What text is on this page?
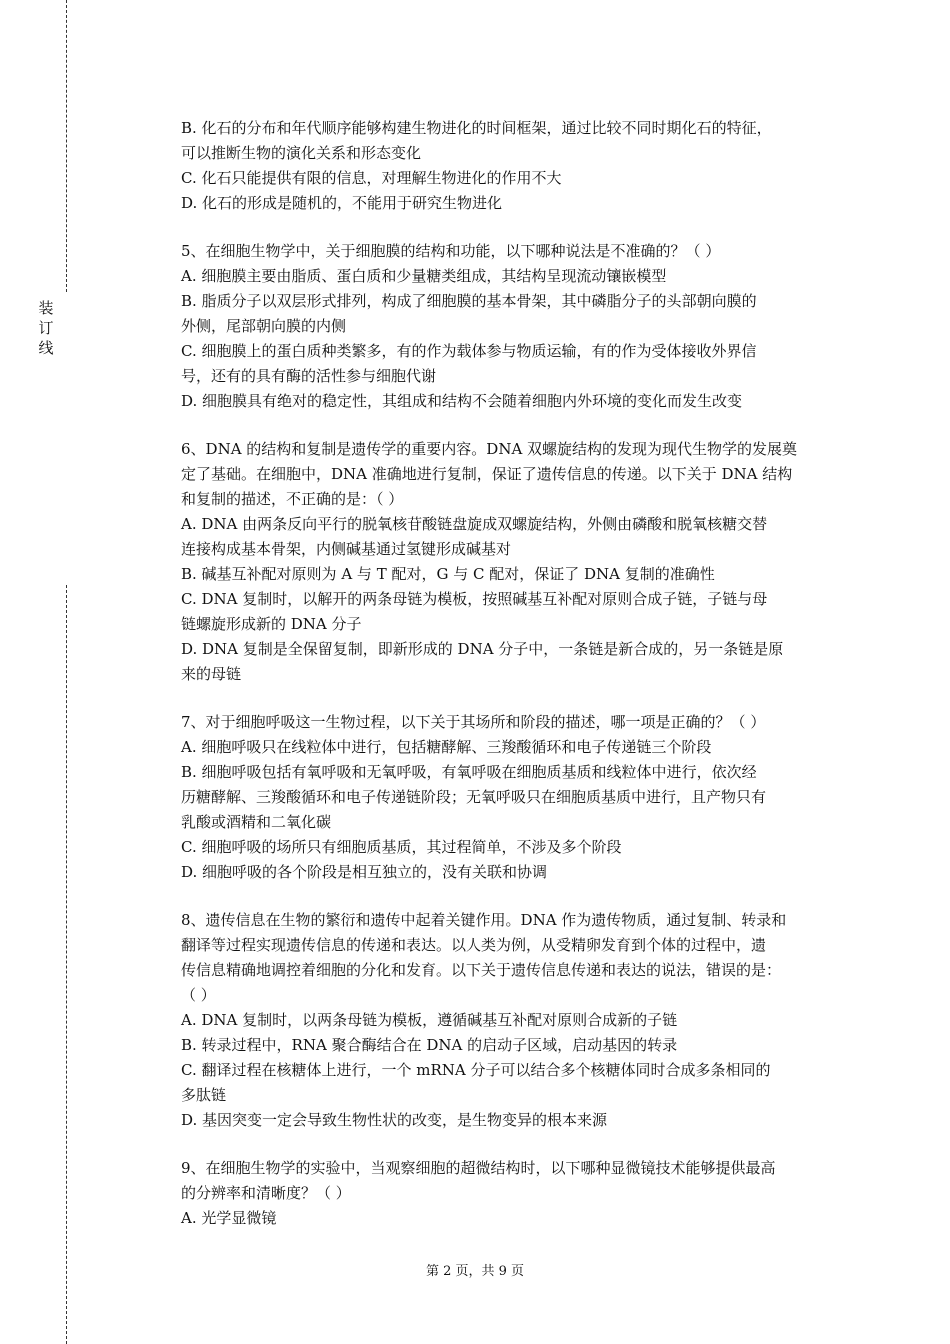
装
订
线
B. 化石的分布和年代顺序能够构建生物进化的时间框架，通过比较不同时期化石的特征，
可以推断生物的演化关系和形态变化
C. 化石只能提供有限的信息，对理解生物进化的作用不大
D. 化石的形成是随机的，不能用于研究生物进化
5、在细胞生物学中，关于细胞膜的结构和功能，以下哪种说法是不准确的？（ ）
A. 细胞膜主要由脂质、蛋白质和少量糖类组成，其结构呈现流动镶嵌模型
B. 脂质分子以双层形式排列，构成了细胞膜的基本骨架，其中磷脂分子的头部朝向膜的
外侧，尾部朝向膜的内侧
C. 细胞膜上的蛋白质种类繁多，有的作为载体参与物质运输，有的作为受体接收外界信
号，还有的具有酶的活性参与细胞代谢
D. 细胞膜具有绝对的稳定性，其组成和结构不会随着细胞内外环境的变化而发生改变
6、DNA 的结构和复制是遗传学的重要内容。DNA 双螺旋结构的发现为现代生物学的发展奠
定了基础。在细胞中，DNA 准确地进行复制，保证了遗传信息的传递。以下关于 DNA 结构
和复制的描述，不正确的是：（ ）
A. DNA 由两条反向平行的脱氧核苷酸链盘旋成双螺旋结构，外侧由磷酸和脱氧核糖交替
连接构成基本骨架，内侧碱基通过氢键形成碱基对
B. 碱基互补配对原则为 A 与 T 配对，G 与 C 配对，保证了 DNA 复制的准确性
C. DNA 复制时，以解开的两条母链为模板，按照碱基互补配对原则合成子链，子链与母
链螺旋形成新的 DNA 分子
D. DNA 复制是全保留复制，即新形成的 DNA 分子中，一条链是新合成的，另一条链是原
来的母链
7、对于细胞呼吸这一生物过程，以下关于其场所和阶段的描述，哪一项是正确的？（ ）
A. 细胞呼吸只在线粒体中进行，包括糖酵解、三羧酸循环和电子传递链三个阶段
B. 细胞呼吸包括有氧呼吸和无氧呼吸，有氧呼吸在细胞质基质和线粒体中进行，依次经
历糖酵解、三羧酸循环和电子传递链阶段；无氧呼吸只在细胞质基质中进行，且产物只有
乳酸或酒精和二氧化碳
C. 细胞呼吸的场所只有细胞质基质，其过程简单，不涉及多个阶段
D. 细胞呼吸的各个阶段是相互独立的，没有关联和协调
8、遗传信息在生物的繁衍和遗传中起着关键作用。DNA 作为遗传物质，通过复制、转录和
翻译等过程实现遗传信息的传递和表达。以人类为例，从受精卵发育到个体的过程中，遗
传信息精确地调控着细胞的分化和发育。以下关于遗传信息传递和表达的说法，错误的是：
（ ）
A. DNA 复制时，以两条母链为模板，遵循碱基互补配对原则合成新的子链
B. 转录过程中，RNA 聚合酶结合在 DNA 的启动子区域，启动基因的转录
C. 翻译过程在核糖体上进行，一个 mRNA 分子可以结合多个核糖体同时合成多条相同的
多肽链
D. 基因突变一定会导致生物性状的改变，是生物变异的根本来源
9、在细胞生物学的实验中，当观察细胞的超微结构时，以下哪种显微镜技术能够提供最高
的分辨率和清晰度？（ ）
A. 光学显微镜
第 2 页，共 9 页
